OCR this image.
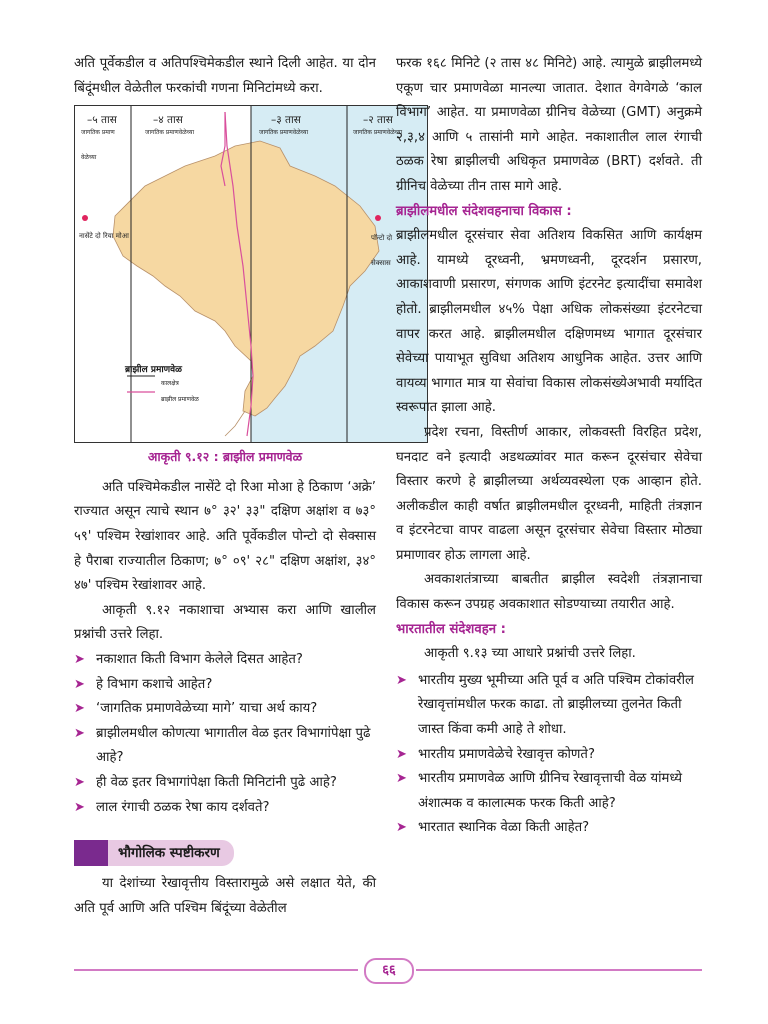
अति पूर्वेकडील व अतिपश्चिमेकडील स्थाने दिली आहेत. या दोन बिंदूंमधील वेळेतील फरकांची गणना मिनिटांमध्ये करा.

–५ तास
जागतिक प्रमाण वेळेच्या
–४ तास
जागतिक प्रमाणवेळेच्या
–३ तास
जागतिक प्रमाणवेळेच्या
–२ तास
जागतिक प्रमाणवेळेच्या
नासेंटे दो रिया मोआ	पॉन्टो दो सेक्सास
ब्राझील प्रमाणवेळ
कालक्षेत्र
ब्राझील प्रमाणवेळ
आकृती ९.१२ : ब्राझील प्रमाणवेळ

अति पश्चिमेकडील नासेंटे दो रिआ मोआ हे ठिकाण ‘अक्रे’ राज्यात असून त्याचे स्थान ७° ३२' ३३" दक्षिण अक्षांश व ७३° ५९' पश्चिम रेखांशावर आहे. अति पूर्वेकडील पोन्टो दो सेक्सास हे पैराबा राज्यातील ठिकाण; ७° ०९' २८" दक्षिण अक्षांश, ३४° ४७' पश्चिम रेखांशावर आहे.

आकृती ९.१२ नकाशाचा अभ्यास करा आणि खालील प्रश्नांची उत्तरे लिहा.

➤ नकाशात किती विभाग केलेले दिसत आहेत?
➤ हे विभाग कशाचे आहेत?
➤ ‘जागतिक प्रमाणवेळेच्या मागे’ याचा अर्थ काय?
➤ ब्राझीलमधील कोणत्या भागातील वेळ इतर विभागांपेक्षा पुढे आहे?
➤ ही वेळ इतर विभागांपेक्षा किती मिनिटांनी पुढे आहे?
➤ लाल रंगाची ठळक रेषा काय दर्शवते?
भौगोलिक स्पष्टीकरण

या देशांच्या रेखावृत्तीय विस्तारामुळे असे लक्षात येते, की अति पूर्व आणि अति पश्चिम बिंदूंच्या वेळेतील

फरक १६८ मिनिटे (२ तास ४८ मिनिटे) आहे. त्यामुळे ब्राझीलमध्ये एकूण चार प्रमाणवेळा मानल्या जातात. देशात वेगवेगळे ‘काल विभाग’ आहेत. या प्रमाणवेळा ग्रीनिच वेळेच्या (GMT) अनुक्रमे २,३,४ आणि ५ तासांनी मागे आहेत. नकाशातील लाल रंगाची ठळक रेषा ब्राझीलची अधिकृत प्रमाणवेळ (BRT) दर्शवते. ती ग्रीनिच वेळेच्या तीन तास मागे आहे.

ब्राझीलमधील संदेशवहनाचा विकास :

ब्राझीलमधील दूरसंचार सेवा अतिशय विकसित आणि कार्यक्षम आहे. यामध्ये दूरध्वनी, भ्रमणध्वनी, दूरदर्शन प्रसारण, आकाशवाणी प्रसारण, संगणक आणि इंटरनेट इत्यादींचा समावेश होतो. ब्राझीलमधील ४५% पेक्षा अधिक लोकसंख्या इंटरनेटचा वापर करत आहे. ब्राझीलमधील दक्षिणमध्य भागात दूरसंचार सेवेच्या पायाभूत सुविधा अतिशय आधुनिक आहेत. उत्तर आणि वायव्य भागात मात्र या सेवांचा विकास लोकसंख्येअभावी मर्यादित स्वरूपात झाला आहे.

प्रदेश रचना, विस्तीर्ण आकार, लोकवस्ती विरहित प्रदेश, घनदाट वने इत्यादी अडथळ्यांवर मात करून दूरसंचार सेवेचा विस्तार करणे हे ब्राझीलच्या अर्थव्यवस्थेला एक आव्हान होते. अलीकडील काही वर्षात ब्राझीलमधील दूरध्वनी, माहिती तंत्रज्ञान व इंटरनेटचा वापर वाढला असून दूरसंचार सेवेचा विस्तार मोठ्या प्रमाणावर होऊ लागला आहे.

अवकाशतंत्राच्या बाबतीत ब्राझील स्वदेशी तंत्रज्ञानाचा विकास करून उपग्रह अवकाशात सोडण्याच्या तयारीत आहे.

भारतातील संदेशवहन :

आकृती ९.१३ च्या आधारे प्रश्नांची उत्तरे लिहा.

➤ भारतीय मुख्य भूमीच्या अति पूर्व व अति पश्चिम टोकांवरील रेखावृत्तांमधील फरक काढा. तो ब्राझीलच्या तुलनेत किती जास्त किंवा कमी आहे ते शोधा.
➤ भारतीय प्रमाणवेळेचे रेखावृत्त कोणते?
➤ भारतीय प्रमाणवेळ आणि ग्रीनिच रेखावृत्ताची वेळ यांमध्ये अंशात्मक व कालात्मक फरक किती आहे?
➤ भारतात स्थानिक वेळा किती आहेत?
६६
